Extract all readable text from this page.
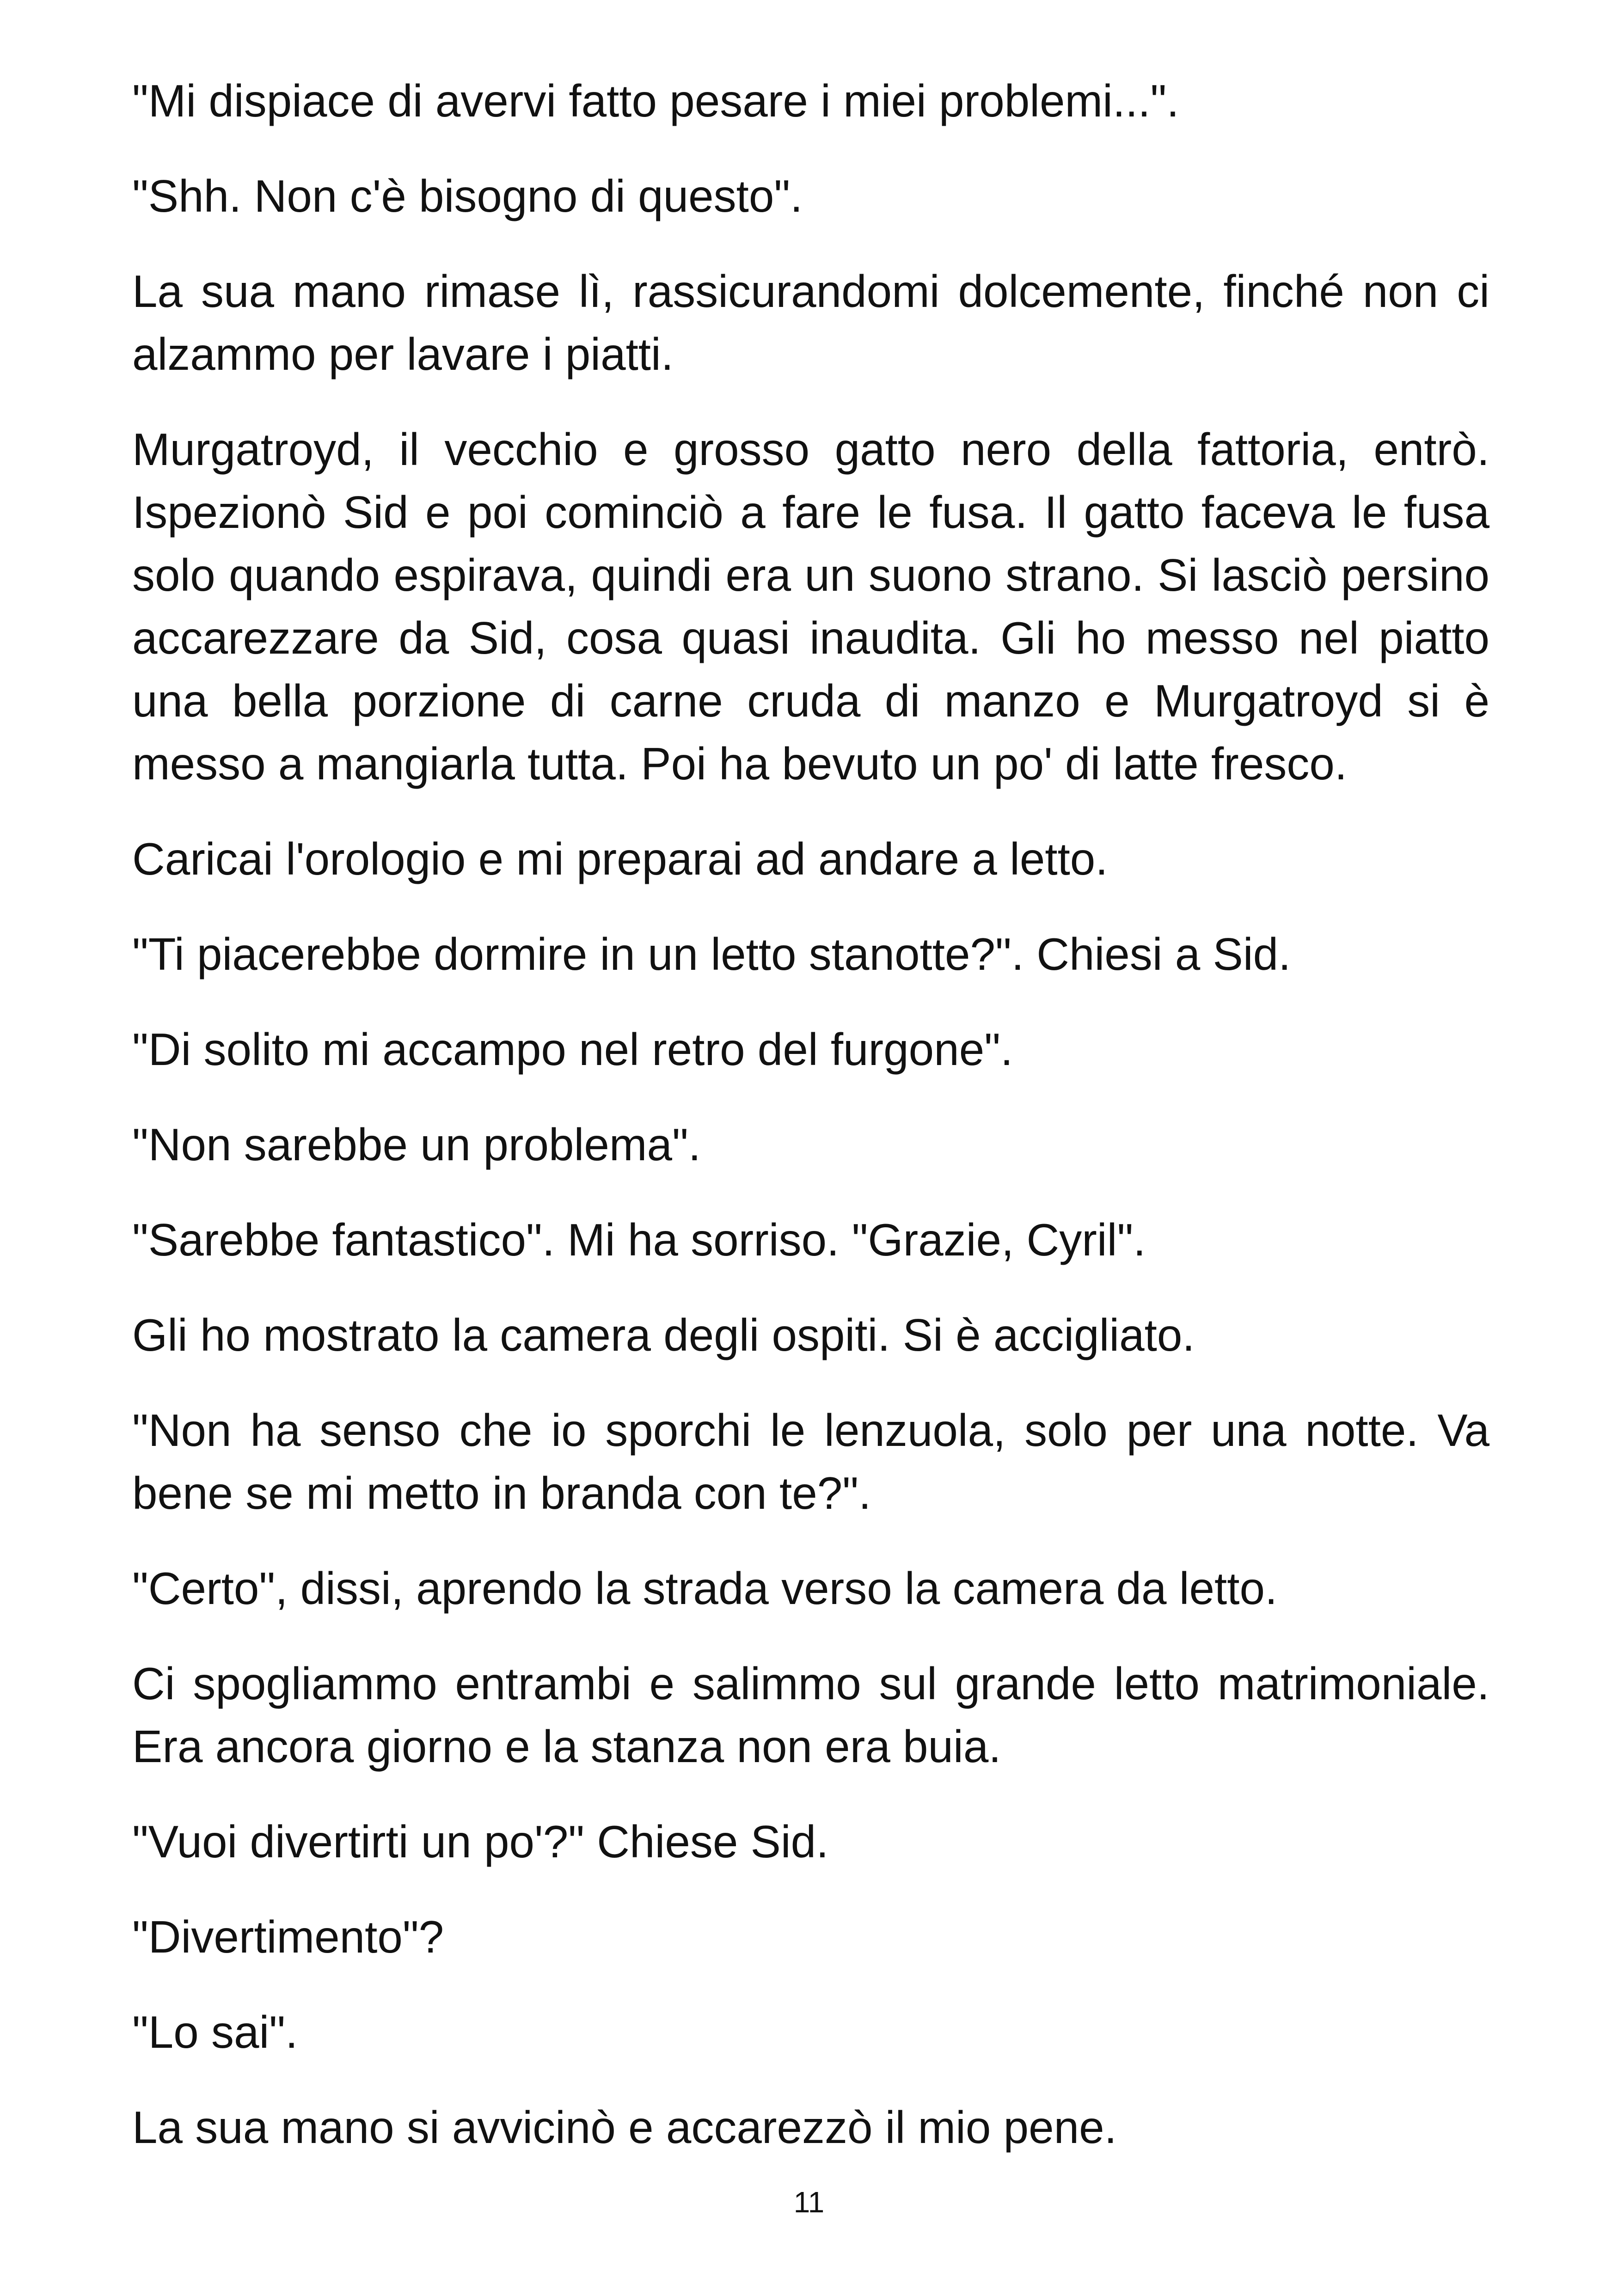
"Mi dispiace di avervi fatto pesare i miei problemi...".

"Shh. Non c'è bisogno di questo".

La sua mano rimase lì, rassicurandomi dolcemente, finché non ci alzammo per lavare i piatti.

Murgatroyd, il vecchio e grosso gatto nero della fattoria, entrò. Ispezionò Sid e poi cominciò a fare le fusa. Il gatto faceva le fusa solo quando espirava, quindi era un suono strano. Si lasciò persino accarezzare da Sid, cosa quasi inaudita. Gli ho messo nel piatto una bella porzione di carne cruda di manzo e Murgatroyd si è messo a mangiarla tutta. Poi ha bevuto un po' di latte fresco.

Caricai l'orologio e mi preparai ad andare a letto.

"Ti piacerebbe dormire in un letto stanotte?". Chiesi a Sid.

"Di solito mi accampo nel retro del furgone".

"Non sarebbe un problema".

"Sarebbe fantastico". Mi ha sorriso. "Grazie, Cyril".

Gli ho mostrato la camera degli ospiti. Si è accigliato.

"Non ha senso che io sporchi le lenzuola, solo per una notte. Va bene se mi metto in branda con te?".

"Certo", dissi, aprendo la strada verso la camera da letto.

Ci spogliammo entrambi e salimmo sul grande letto matrimoniale. Era ancora giorno e la stanza non era buia.

"Vuoi divertirti un po'?" Chiese Sid.

"Divertimento"?

"Lo sai".

La sua mano si avvicinò e accarezzò il mio pene.

11
